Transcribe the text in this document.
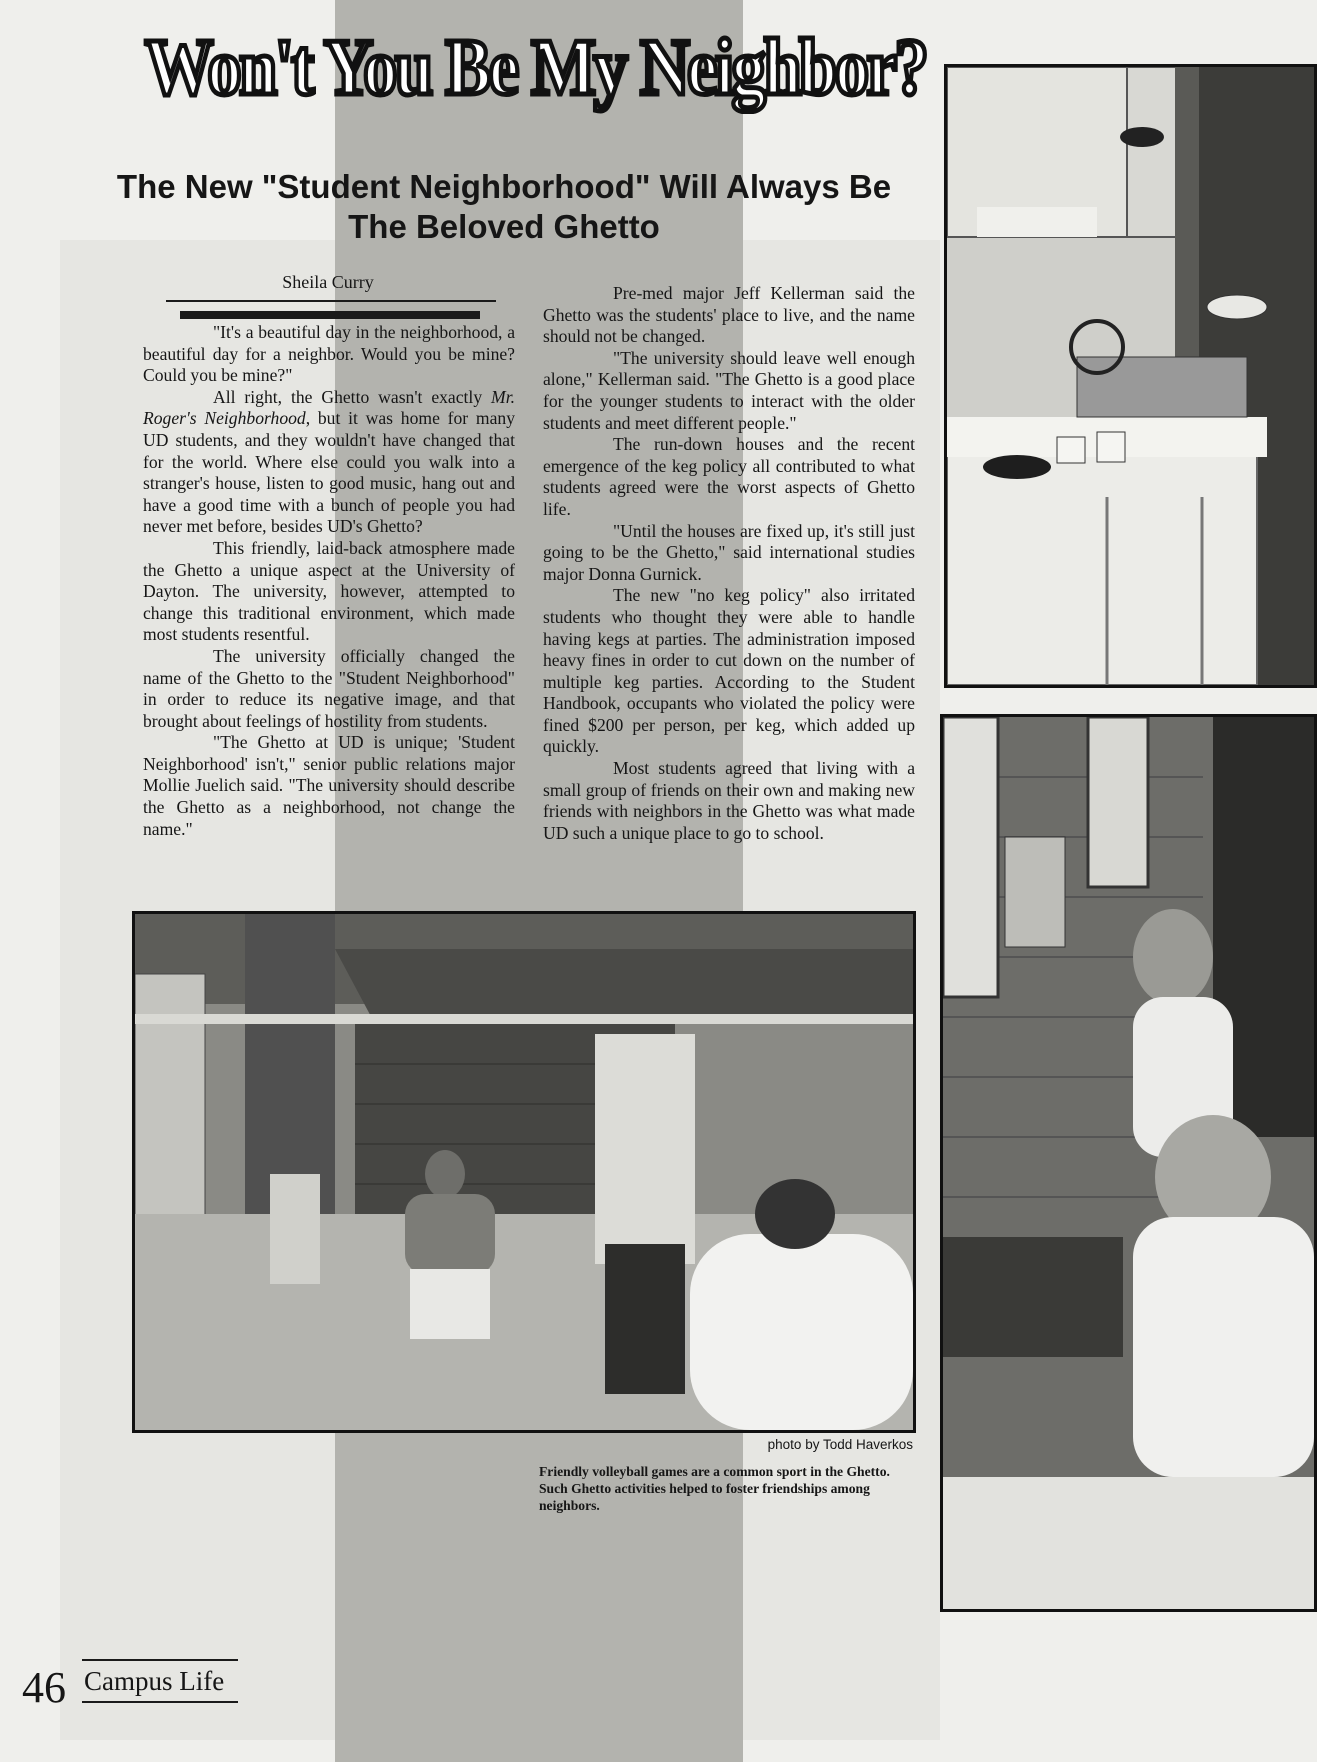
Won't You Be My Neighbor?
The New "Student Neighborhood" Will Always Be The Beloved Ghetto
Sheila Curry

"It's a beautiful day in the neighborhood, a beautiful day for a neighbor. Would you be mine? Could you be mine?"

All right, the Ghetto wasn't exactly Mr. Roger's Neighborhood, but it was home for many UD students, and they wouldn't have changed that for the world. Where else could you walk into a stranger's house, listen to good music, hang out and have a good time with a bunch of people you had never met before, besides UD's Ghetto?

This friendly, laid-back atmosphere made the Ghetto a unique aspect at the University of Dayton. The university, however, attempted to change this traditional environment, which made most students resentful.

The university officially changed the name of the Ghetto to the "Student Neighborhood" in order to reduce its negative image, and that brought about feelings of hostility from students.

"The Ghetto at UD is unique; 'Student Neighborhood' isn't," senior public relations major Mollie Juelich said. "The university should describe the Ghetto as a neighborhood, not change the name."

Pre-med major Jeff Kellerman said the Ghetto was the students' place to live, and the name should not be changed.

"The university should leave well enough alone," Kellerman said. "The Ghetto is a good place for the younger students to interact with the older students and meet different people."

The run-down houses and the recent emergence of the keg policy all contributed to what students agreed were the worst aspects of Ghetto life.

"Until the houses are fixed up, it's still just going to be the Ghetto," said international studies major Donna Gurnick.

The new "no keg policy" also irritated students who thought they were able to handle having kegs at parties. The administration imposed heavy fines in order to cut down on the number of multiple keg parties. According to the Student Handbook, occupants who violated the policy were fined $200 per person, per keg, which added up quickly.

Most students agreed that living with a small group of friends on their own and making new friends with neighbors in the Ghetto was what made UD such a unique place to go to school.

photo by Todd Haverkos
Friendly volleyball games are a common sport in the Ghetto. Such Ghetto activities helped to foster friendships among neighbors.
46 Campus Life
